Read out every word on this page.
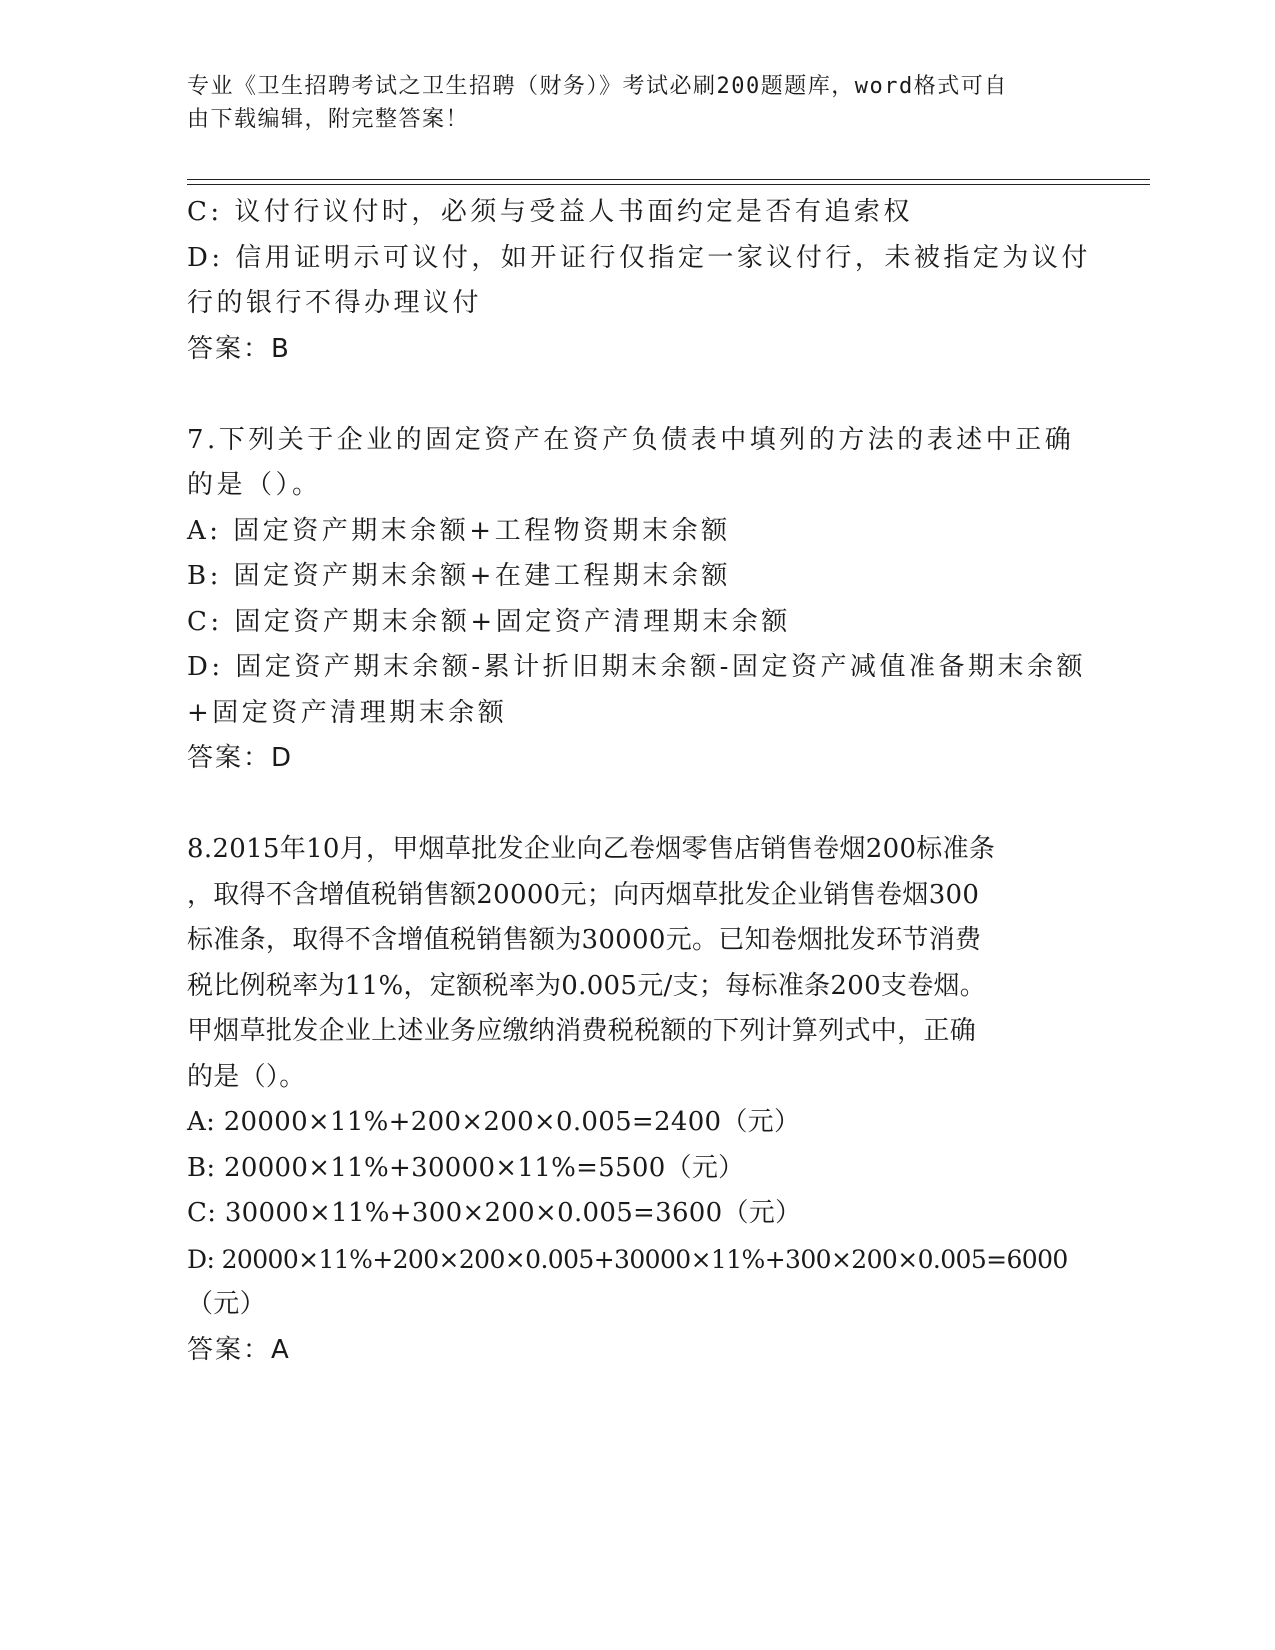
专业《卫生招聘考试之卫生招聘（财务）》考试必刷200题题库，word格式可自
由下载编辑，附完整答案！
C: 议付行议付时，必须与受益人书面约定是否有追索权
D: 信用证明示可议付，如开证行仅指定一家议付行，未被指定为议付
行的银行不得办理议付
答案：B
7.下列关于企业的固定资产在资产负债表中填列的方法的表述中正确
的是（）。
A: 固定资产期末余额+工程物资期末余额
B: 固定资产期末余额+在建工程期末余额
C: 固定资产期末余额+固定资产清理期末余额
D: 固定资产期末余额-累计折旧期末余额-固定资产减值准备期末余额
+固定资产清理期末余额
答案：D
8.2015年10月，甲烟草批发企业向乙卷烟零售店销售卷烟200标准条
，取得不含增值税销售额20000元；向丙烟草批发企业销售卷烟300
标准条，取得不含增值税销售额为30000元。已知卷烟批发环节消费
税比例税率为11%，定额税率为0.005元/支；每标准条200支卷烟。
甲烟草批发企业上述业务应缴纳消费税税额的下列计算列式中，正确
的是（）。
A: 20000×11%+200×200×0.005=2400（元）
B: 20000×11%+30000×11%=5500（元）
C: 30000×11%+300×200×0.005=3600（元）
D: 20000×11%+200×200×0.005+30000×11%+300×200×0.005=6000
（元）
答案：A
